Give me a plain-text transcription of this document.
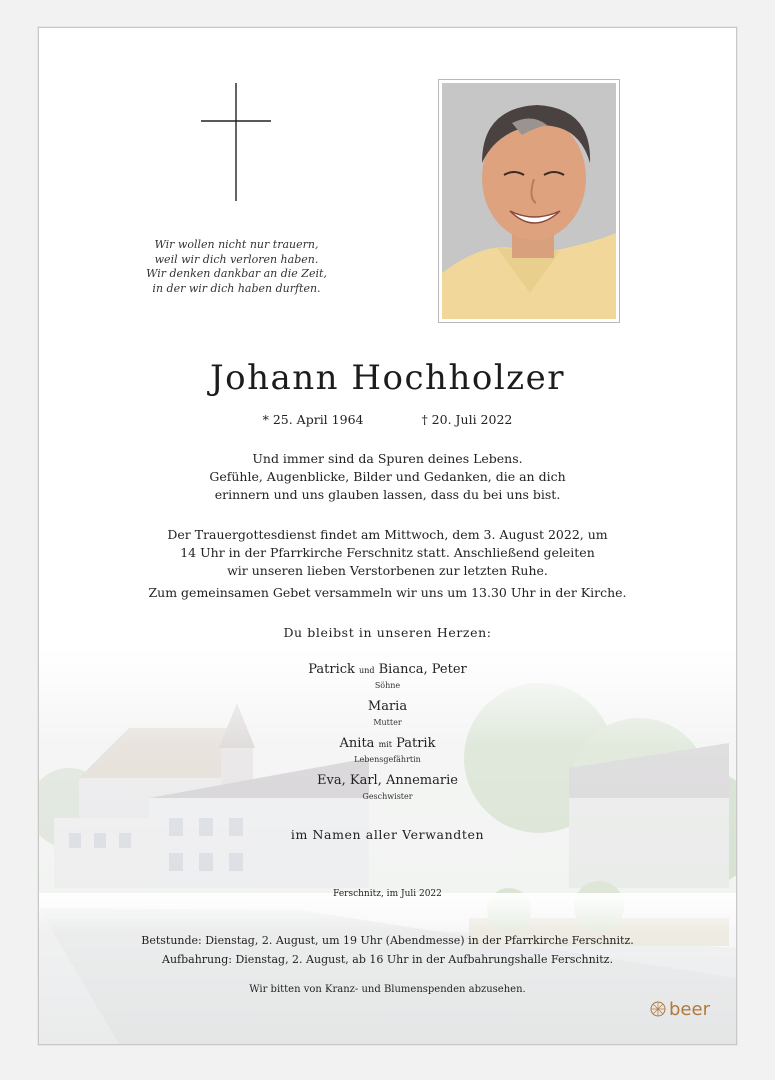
Wir wollen nicht nur trauern,
weil wir dich verloren haben.
Wir denken dankbar an die Zeit,
in der wir dich haben durften.
Johann Hochholzer
* 25. April 1964	† 20. Juli 2022
Und immer sind da Spuren deines Lebens.
Gefühle, Augenblicke, Bilder und Gedanken, die an dich
erinnern und uns glauben lassen, dass du bei uns bist.
Der Trauergottesdienst findet am Mittwoch, dem 3. August 2022, um
14 Uhr in der Pfarrkirche Ferschnitz statt. Anschließend geleiten
wir unseren lieben Verstorbenen zur letzten Ruhe.
Zum gemeinsamen Gebet versammeln wir uns um 13.30 Uhr in der Kirche.
Du bleibst in unseren Herzen:
Patrick und Bianca, Peter
Söhne
Maria
Mutter
Anita mit Patrik
Lebensgefährtin
Eva, Karl, Annemarie
Geschwister
im Namen aller Verwandten
Ferschnitz, im Juli 2022
Betstunde: Dienstag, 2. August, um 19 Uhr (Abendmesse) in der Pfarrkirche Ferschnitz.
Aufbahrung: Dienstag, 2. August, ab 16 Uhr in der Aufbahrungshalle Ferschnitz.
Wir bitten von Kranz- und Blumenspenden abzusehen.
beer
